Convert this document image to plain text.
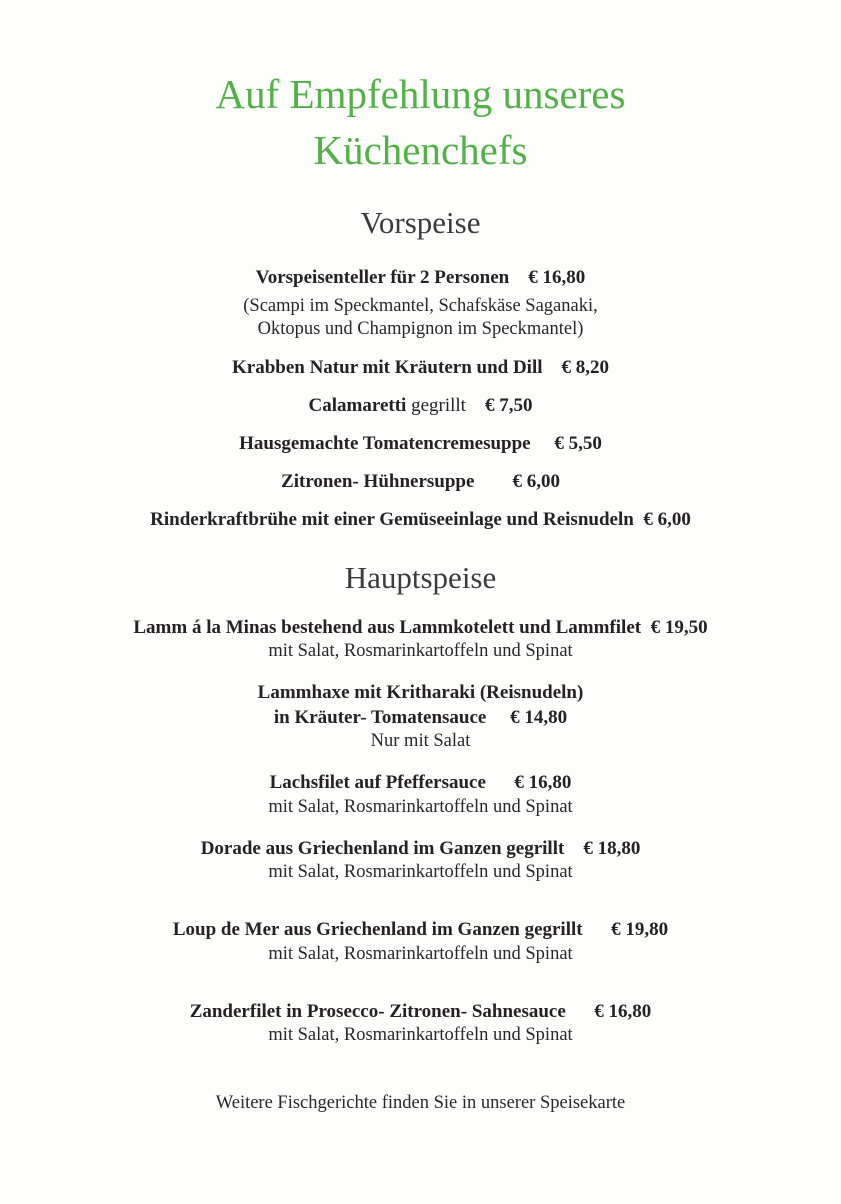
Auf Empfehlung unseres
Küchenchefs
Vorspeise
Vorspeisenteller für 2 Personen € 16,80
(Scampi im Speckmantel, Schafskäse Saganaki,
Oktopus und Champignon im Speckmantel)
Krabben Natur mit Kräutern und Dill € 8,20
Calamaretti gegrillt € 7,50
Hausgemachte Tomatencremesuppe € 5,50
Zitronen- Hühnersuppe € 6,00
Rinderkraftbrühe mit einer Gemüseeinlage und Reisnudeln € 6,00
Hauptspeise
Lamm á la Minas bestehend aus Lammkotelett und Lammfilet € 19,50
mit Salat, Rosmarinkartoffeln und Spinat
Lammhaxe mit Kritharaki (Reisnudeln)
in Kräuter- Tomatensauce € 14,80
Nur mit Salat
Lachsfilet auf Pfeffersauce € 16,80
mit Salat, Rosmarinkartoffeln und Spinat
Dorade aus Griechenland im Ganzen gegrillt € 18,80
mit Salat, Rosmarinkartoffeln und Spinat
Loup de Mer aus Griechenland im Ganzen gegrillt € 19,80
mit Salat, Rosmarinkartoffeln und Spinat
Zanderfilet in Prosecco- Zitronen- Sahnesauce € 16,80
mit Salat, Rosmarinkartoffeln und Spinat
Weitere Fischgerichte finden Sie in unserer Speisekarte
